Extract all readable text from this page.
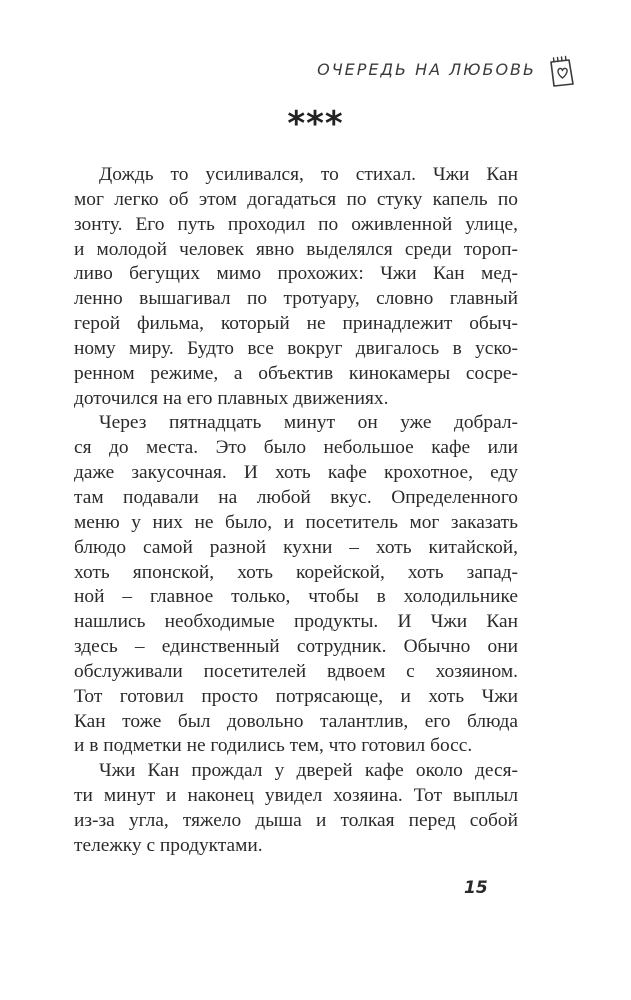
ОЧЕРЕДЬ НА ЛЮБОВЬ
***

Дождь то усиливался, то стихал. Чжи Кан
мог легко об этом догадаться по стуку капель по
зонту. Его путь проходил по оживленной улице,
и молодой человек явно выделялся среди тороп-
ливо бегущих мимо прохожих: Чжи Кан мед-
ленно вышагивал по тротуару, словно главный
герой фильма, который не принадлежит обыч-
ному миру. Будто все вокруг двигалось в уско-
ренном режиме, а объектив кинокамеры сосре-
доточился на его плавных движениях.

Через пятнадцать минут он уже добрал-
ся до места. Это было небольшое кафе или
даже закусочная. И хоть кафе крохотное, еду
там подавали на любой вкус. Определенного
меню у них не было, и посетитель мог заказать
блюдо самой разной кухни – хоть китайской,
хоть японской, хоть корейской, хоть запад-
ной – главное только, чтобы в холодильнике
нашлись необходимые продукты. И Чжи Кан
здесь – единственный сотрудник. Обычно они
обслуживали посетителей вдвоем с хозяином.
Тот готовил просто потрясающе, и хоть Чжи
Кан тоже был довольно талантлив, его блюда
и в подметки не годились тем, что готовил босс.

Чжи Кан прождал у дверей кафе около деся-
ти минут и наконец увидел хозяина. Тот выплыл
из-за угла, тяжело дыша и толкая перед собой
тележку с продуктами.

15
